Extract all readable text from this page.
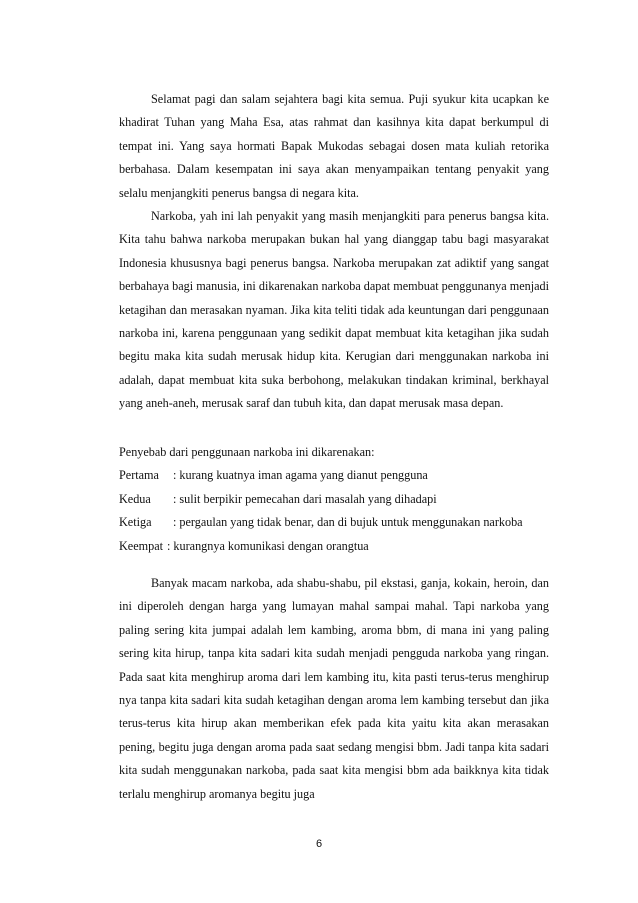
Selamat pagi dan salam sejahtera bagi kita semua. Puji syukur kita ucapkan ke khadirat Tuhan yang Maha Esa, atas rahmat dan kasihnya kita dapat berkumpul di tempat ini. Yang saya hormati Bapak Mukodas sebagai dosen mata kuliah retorika berbahasa. Dalam kesempatan ini saya akan menyampaikan tentang penyakit yang selalu menjangkiti penerus bangsa di negara kita.

Narkoba, yah ini lah penyakit yang masih menjangkiti para penerus bangsa kita. Kita tahu bahwa narkoba merupakan bukan hal yang dianggap tabu bagi masyarakat Indonesia khususnya bagi penerus bangsa. Narkoba merupakan zat adiktif yang sangat berbahaya bagi manusia, ini dikarenakan narkoba dapat membuat penggunanya menjadi ketagihan dan merasakan nyaman. Jika kita teliti tidak ada keuntungan dari penggunaan narkoba ini, karena penggunaan yang sedikit dapat membuat kita ketagihan jika sudah begitu maka kita sudah merusak hidup kita. Kerugian dari menggunakan narkoba ini adalah, dapat membuat kita suka berbohong, melakukan tindakan kriminal, berkhayal yang aneh-aneh, merusak saraf dan tubuh kita, dan dapat merusak masa depan.

Penyebab dari penggunaan narkoba ini dikarenakan:
Pertama : kurang kuatnya iman agama yang dianut pengguna
Kedua : sulit berpikir pemecahan dari masalah yang dihadapi
Ketiga : pergaulan yang tidak benar, dan di bujuk untuk menggunakan narkoba
Keempat : kurangnya komunikasi dengan orangtua

Banyak macam narkoba, ada shabu-shabu, pil ekstasi, ganja, kokain, heroin, dan ini diperoleh dengan harga yang lumayan mahal sampai mahal. Tapi narkoba yang paling sering kita jumpai adalah lem kambing, aroma bbm, di mana ini yang paling sering kita hirup, tanpa kita sadari kita sudah menjadi pengguda narkoba yang ringan. Pada saat kita menghirup aroma dari lem kambing itu, kita pasti terus-terus menghirup nya tanpa kita sadari kita sudah ketagihan dengan aroma lem kambing tersebut dan jika terus-terus kita hirup akan memberikan efek pada kita yaitu kita akan merasakan pening, begitu juga dengan aroma pada saat sedang mengisi bbm. Jadi tanpa kita sadari kita sudah menggunakan narkoba, pada saat kita mengisi bbm ada baikknya kita tidak terlalu menghirup aromanya begitu juga

6
